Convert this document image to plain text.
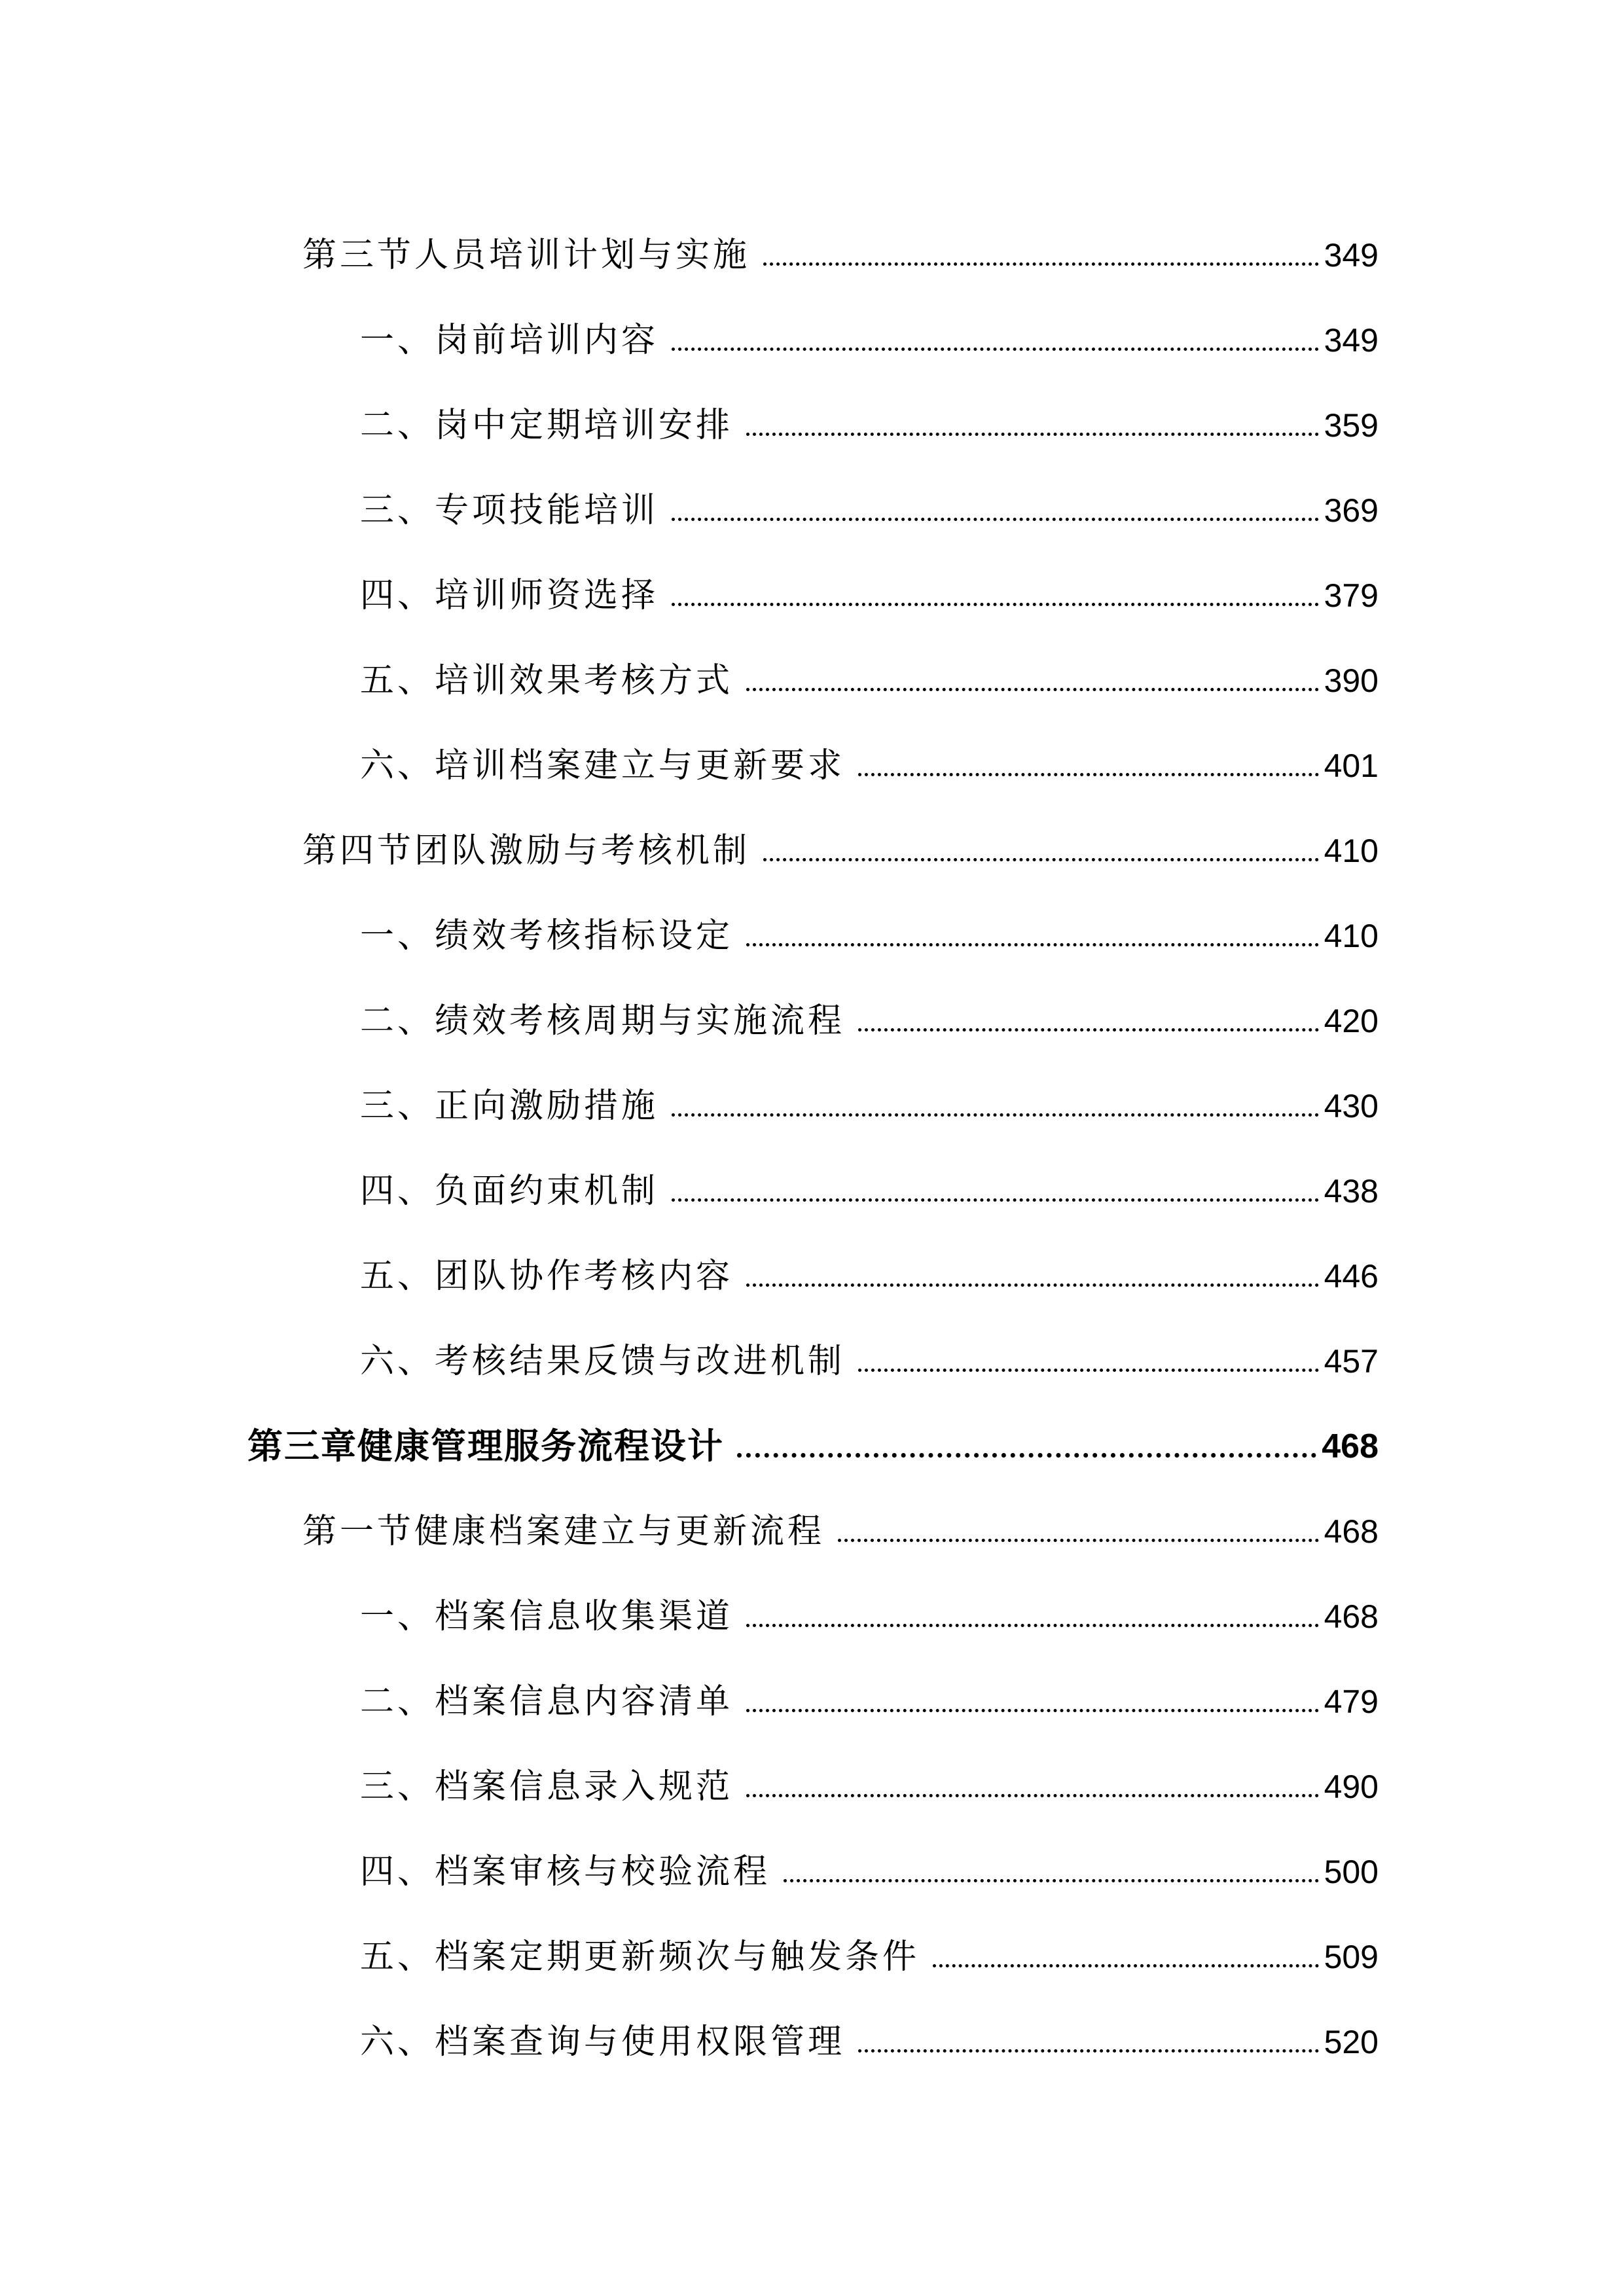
第三节人员培训计划与实施	349
一、岗前培训内容	349
二、岗中定期培训安排	359
三、专项技能培训	369
四、培训师资选择	379
五、培训效果考核方式	390
六、培训档案建立与更新要求	401
第四节团队激励与考核机制	410
一、绩效考核指标设定	410
二、绩效考核周期与实施流程	420
三、正向激励措施	430
四、负面约束机制	438
五、团队协作考核内容	446
六、考核结果反馈与改进机制	457
第三章健康管理服务流程设计	468
第一节健康档案建立与更新流程	468
一、档案信息收集渠道	468
二、档案信息内容清单	479
三、档案信息录入规范	490
四、档案审核与校验流程	500
五、档案定期更新频次与触发条件	509
六、档案查询与使用权限管理	520
